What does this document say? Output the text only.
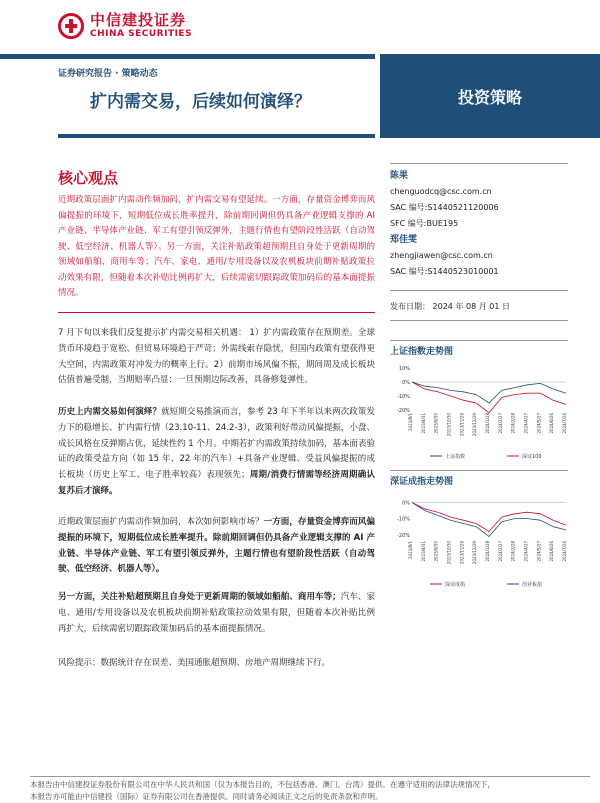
中信建投证券
CHINA SECURITIES
投资策略
证券研究报告 · 策略动态
扩内需交易，后续如何演绎？
核心观点
近期政策层面扩内需动作频加码，扩内需交易有望延续。一方面，存量资金博弈而风偏提振的环境下，短期低位成长胜率提升，除前期回调但仍具备产业逻辑支撑的 AI 产业链、半导体产业链、军工有望引领反弹外，主题行情也有望阶段性活跃（自动驾驶、低空经济、机器人等）。另一方面，关注补贴政策超预期且自身处于更新周期的领域如船舶、商用车等；汽车、家电、通用/专用设备以及农机板块前期补贴政策拉动效果有限，但随着本次补贴比例再扩大，后续需密切跟踪政策加码后的基本面提振情况。
7 月下旬以来我们反复提示扩内需交易相关机遇： 1）扩内需政策存在预期差。全球货币环境趋于宽松、但贸易环境趋于严苛；外需线索存隐忧，但国内政策有望获得更大空间，内需政策对冲发力的概率上行。2）前期市场风偏不振，期间周及成长板块估值普遍受制，当期赔率凸显：一旦预期边际改善，具备修复弹性。
历史上内需交易如何演绎？就短期交易推演而言，参考 23 年下半年以来两次政策发力下的稳增长、扩内需行情（23.10-11、24.2-3），政策利好带动风偏提振，小盘、成长风格在反弹期占优，延续性约 1 个月。中期若扩内需政策持续加码，基本面表验证的政策受益方向（如 15 年、22 年的汽车）+具备产业逻辑、受益风偏提振的成长板块（历史上军工、电子胜率较高）表现领先；周期/消费行情需等经济周期确认复苏后才演绎。
近期政策层面扩内需动作频加码，本次如何影响市场？一方面，存量资金博弈而风偏提振的环境下，短期低位成长胜率提升。除前期回调但仍具备产业逻辑支撑的 AI 产业链、半导体产业链、军工有望引领反弹外，主题行情也有望阶段性活跃（自动驾驶、低空经济、机器人等）。
另一方面，关注补贴超预期且自身处于更新周期的领域如船舶、商用车等；汽车、家电、通用/专用设备以及农机板块前期补贴政策拉动效果有限，但随着本次补贴比例再扩大，后续需密切跟踪政策加码后的基本面提振情况。
风险提示：数据统计存在误差、美国通胀超预期、房地产周期继续下行。
陈果
chenguodcq@csc.com.cn
SAC 编号:S1440521120006
SFC 编号:BUE195
郑佳雯
zhengjiawen@csc.com.cn
SAC 编号:S1440523010001
发布日期： 2024 年 08 月 01 日
上证指数走势图
10%
0%
-10%
-20%
2023/8/1 2023/8/31 2023/9/30 2023/10/30 2023/11/29 2023/12/29 2024/1/28 2024/2/27 2024/3/28 2024/4/27 2024/5/27 2024/6/26 2024/7/26
上证指数	深证100
深证成指走势图
0%
-10%
-20%
2023/8/1 2023/8/31 2023/9/30 2023/10/30 2023/11/29 2023/12/29 2024/1/28 2024/2/27 2024/3/28 2024/4/27 2024/5/27 2024/6/26 2024/7/26
深证成指	创业板指
本报告由中信建投证券股份有限公司在中华人民共和国（仅为本报告目的，不包括香港、澳门、台湾）提供。在遵守适用的法律法规情况下，
本报告亦可能由中信建投（国际）证券有限公司在香港提供。同时请务必阅读正文之后的免责条款和声明。
